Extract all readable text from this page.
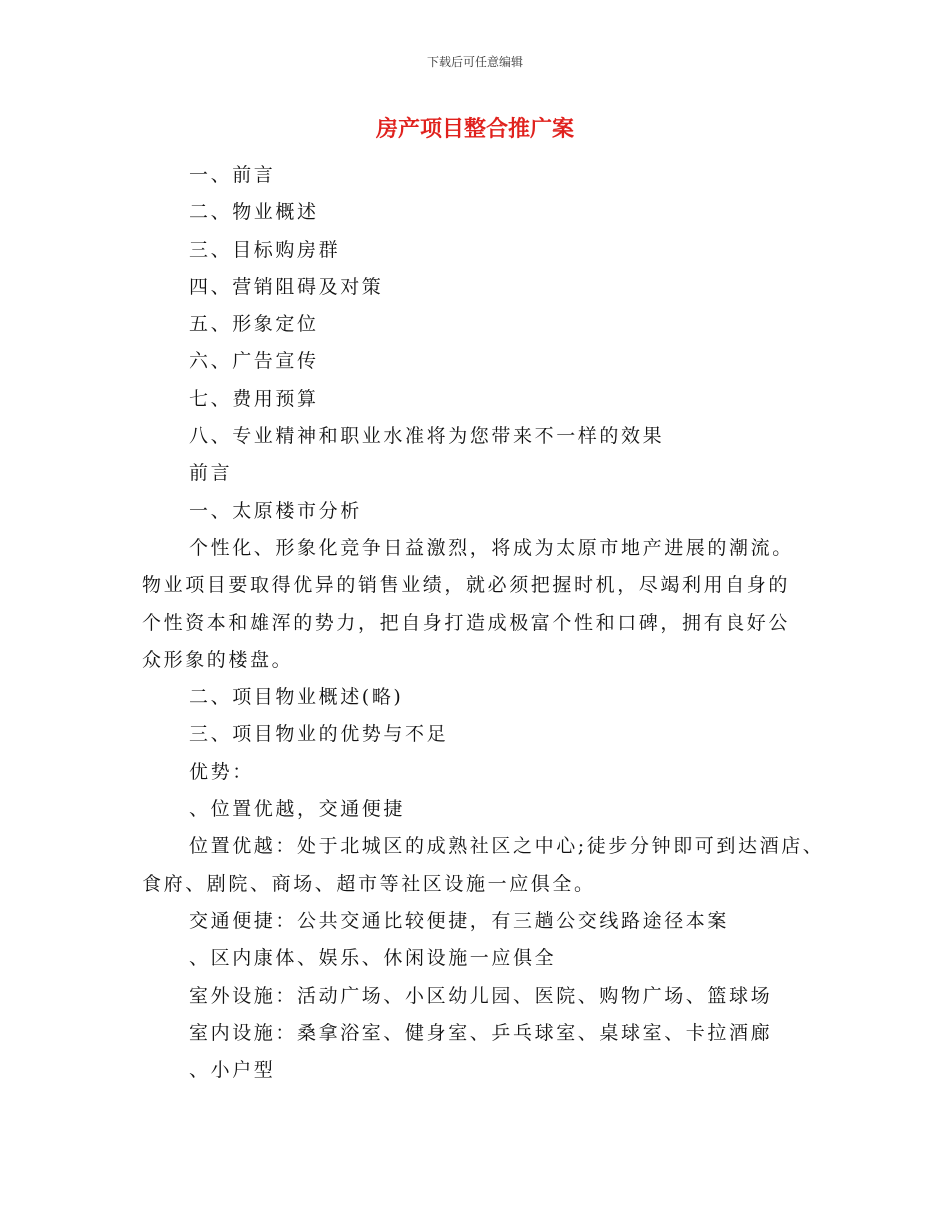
下载后可任意编辑
房产项目整合推广案
一、前言
二、物业概述
三、目标购房群
四、营销阻碍及对策
五、形象定位
六、广告宣传
七、费用预算
八、专业精神和职业水准将为您带来不一样的效果
前言
一、太原楼市分析
个性化、形象化竞争日益激烈，将成为太原市地产进展的潮流。
物业项目要取得优异的销售业绩，就必须把握时机，尽竭利用自身的
个性资本和雄浑的势力，把自身打造成极富个性和口碑，拥有良好公
众形象的楼盘。
二、项目物业概述(略)
三、项目物业的优势与不足
优势：
、位置优越，交通便捷
位置优越：处于北城区的成熟社区之中心;徒步分钟即可到达酒店、
食府、剧院、商场、超市等社区设施一应俱全。
交通便捷：公共交通比较便捷，有三趟公交线路途径本案
、区内康体、娱乐、休闲设施一应俱全
室外设施：活动广场、小区幼儿园、医院、购物广场、篮球场
室内设施：桑拿浴室、健身室、乒乓球室、桌球室、卡拉酒廊
、小户型
